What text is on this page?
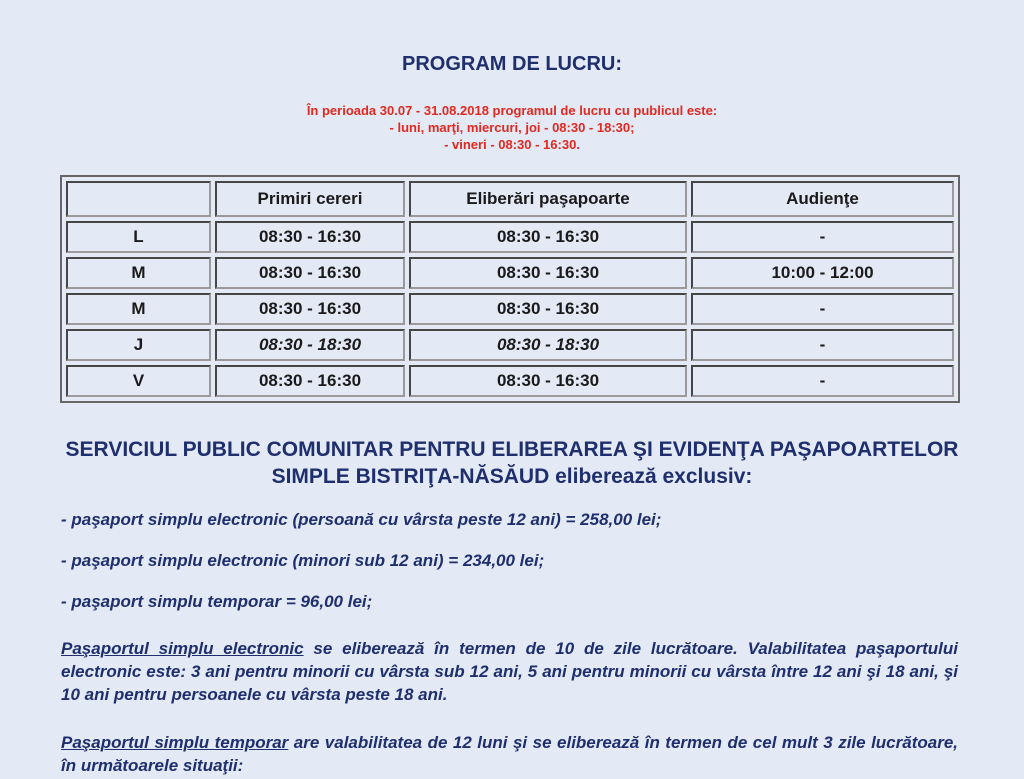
PROGRAM DE LUCRU:
În perioada 30.07 - 31.08.2018 programul de lucru cu publicul este:
- luni, marţi, miercuri, joi - 08:30 - 18:30;
- vineri - 08:30 - 16:30.
	Primiri cereri	Eliberări paşapoarte	Audienţe
L	08:30 - 16:30	08:30 - 16:30	-
M	08:30 - 16:30	08:30 - 16:30	10:00 - 12:00
M	08:30 - 16:30	08:30 - 16:30	-
J	08:30 - 18:30	08:30 - 18:30	-
V	08:30 - 16:30	08:30 - 16:30	-
SERVICIUL PUBLIC COMUNITAR PENTRU ELIBERAREA ŞI EVIDENŢA PAŞAPOARTELOR
SIMPLE BISTRIŢA-NĂSĂUD eliberează exclusiv:
- paşaport simplu electronic (persoană cu vârsta peste 12 ani) = 258,00 lei;
- paşaport simplu electronic (minori sub 12 ani) = 234,00 lei;
- paşaport simplu temporar = 96,00 lei;
Paşaportul simplu electronic se eliberează în termen de 10 de zile lucrătoare. Valabilitatea paşaportului electronic este: 3 ani pentru minorii cu vârsta sub 12 ani, 5 ani pentru minorii cu vârsta între 12 ani şi 18 ani, şi 10 ani pentru persoanele cu vârsta peste 18 ani.
Paşaportul simplu temporar are valabilitatea de 12 luni şi se eliberează în termen de cel mult 3 zile lucrătoare, în următoarele situaţii:
